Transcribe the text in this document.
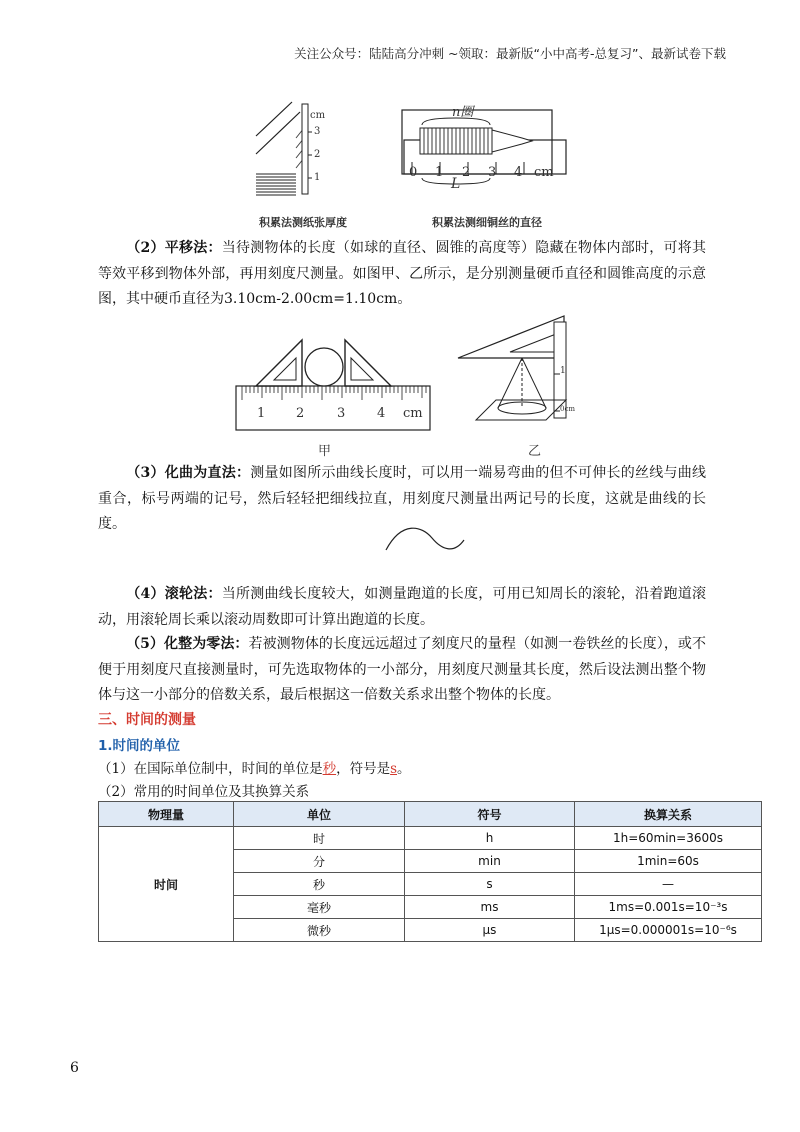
关注公众号：陆陆高分冲刺 ~领取：最新版“小中高考-总复习”、最新试卷下载
cm
3
2
1
积累法测纸张厚度
n圈
0 1 2 3 4 cm
L
积累法测细铜丝的直径
（2）平移法：当待测物体的长度（如球的直径、圆锥的高度等）隐藏在物体内部时，可将其等效平移到物体外部，再用刻度尺测量。如图甲、乙所示，是分别测量硬币直径和圆锥高度的示意图，其中硬币直径为3.10cm-2.00cm=1.10cm。
1 2	3 4 cm
甲
1
0cm
乙
（3）化曲为直法：测量如图所示曲线长度时，可以用一端易弯曲的但不可伸长的丝线与曲线重合，标号两端的记号，然后轻轻把细线拉直，用刻度尺测量出两记号的长度，这就是曲线的长度。
（4）滚轮法：当所测曲线长度较大，如测量跑道的长度，可用已知周长的滚轮，沿着跑道滚动，用滚轮周长乘以滚动周数即可计算出跑道的长度。
（5）化整为零法：若被测物体的长度远远超过了刻度尺的量程（如测一卷铁丝的长度），或不便于用刻度尺直接测量时，可先选取物体的一小部分，用刻度尺测量其长度，然后设法测出整个物体与这一小部分的倍数关系，最后根据这一倍数关系求出整个物体的长度。
三、时间的测量
1.时间的单位
（1）在国际单位制中，时间的单位是秒，符号是s。
（2）常用的时间单位及其换算关系
物理量	单位	符号	换算关系
时间	时	h	1h=60min=3600s
	分	min	1min=60s
	秒	s	—
	毫秒	ms	1ms=0.001s=10⁻³s
	微秒	μs	1μs=0.000001s=10⁻⁶s
6
